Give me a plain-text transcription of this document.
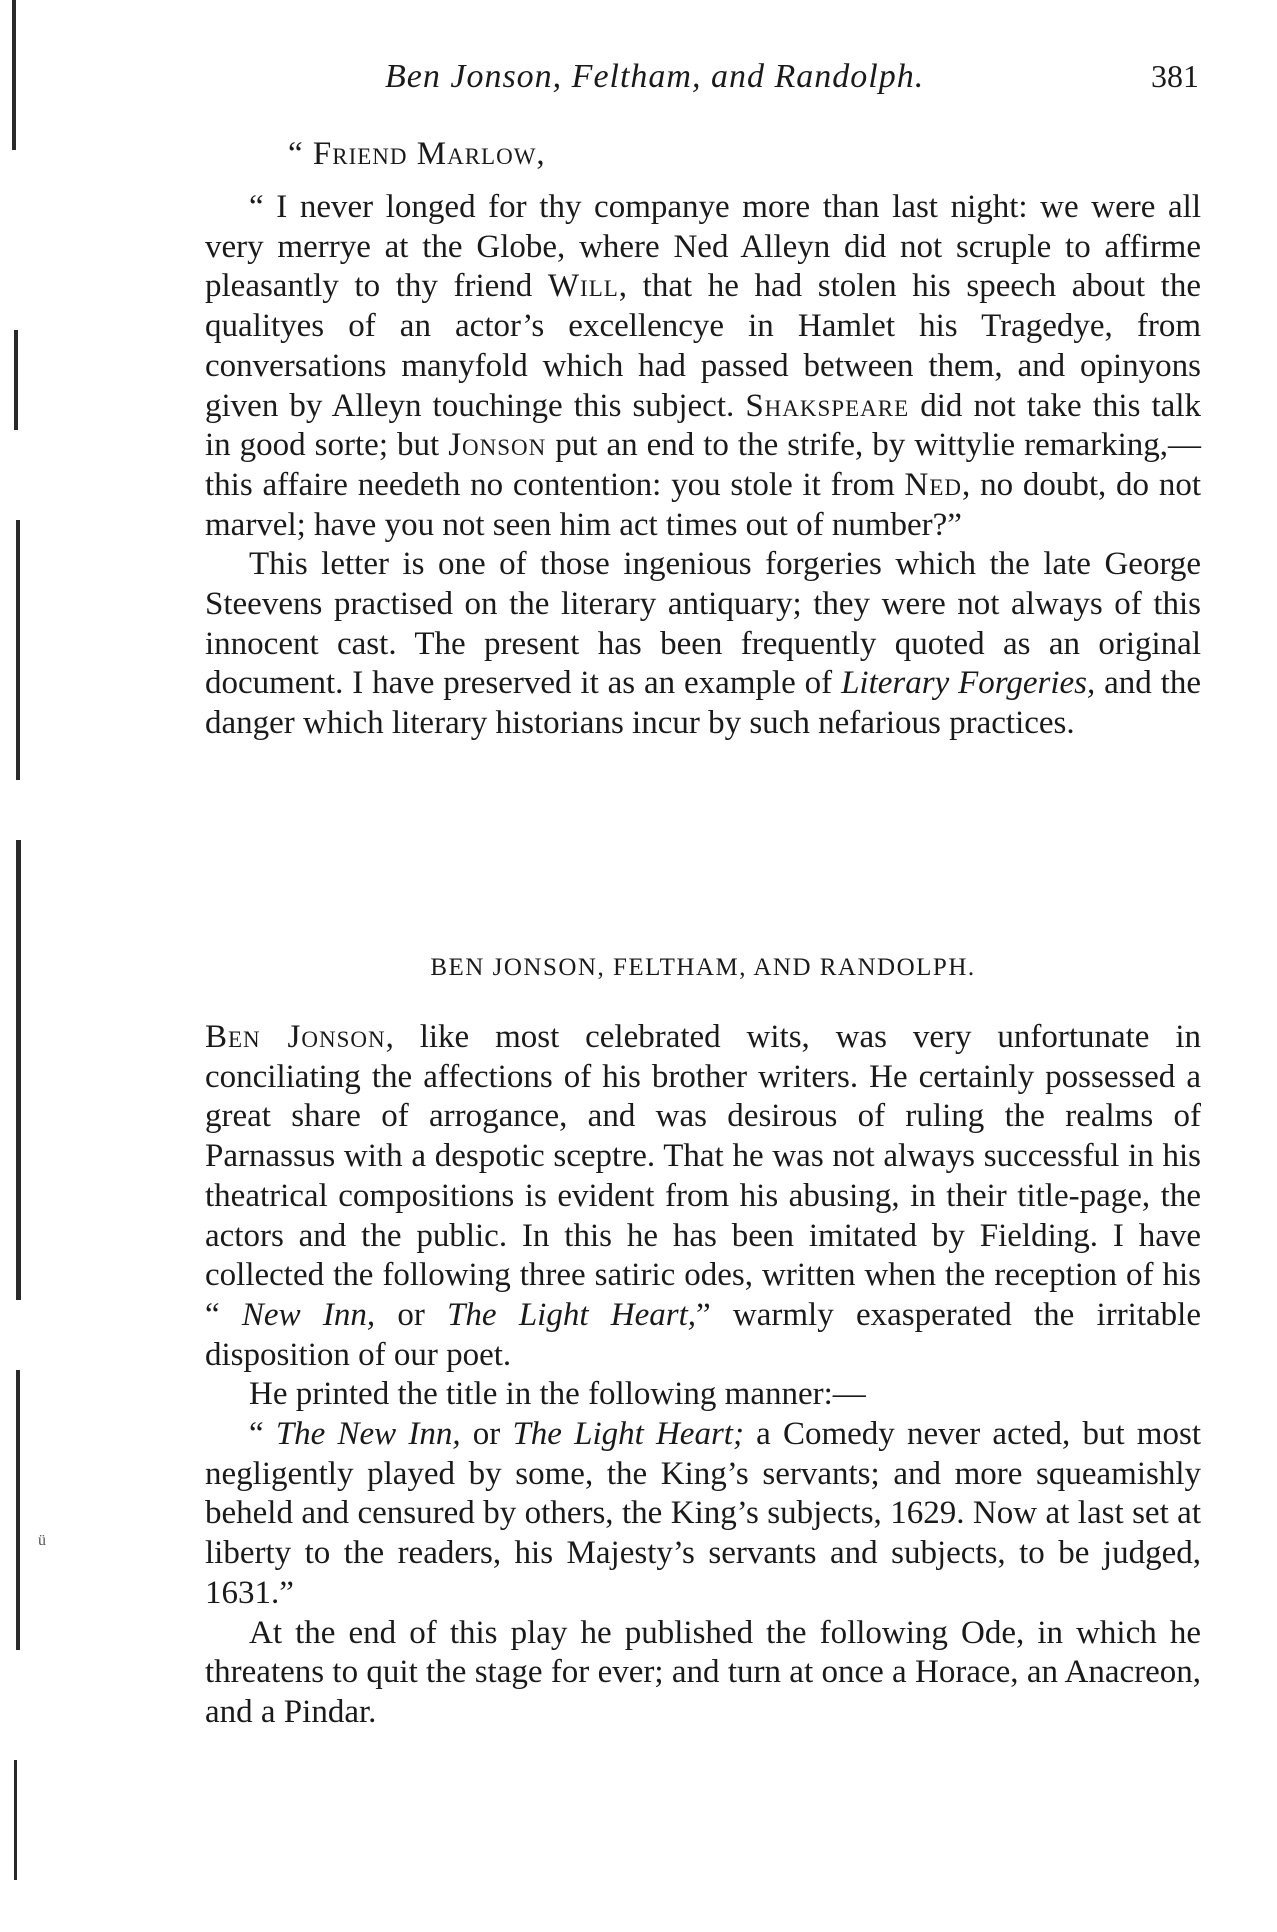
Ben Jonson, Feltham, and Randolph.	381
“ Friend Marlow,

“ I never longed for thy companye more than last night: we were all very merrye at the Globe, where Ned Alleyn did not scruple to affirme pleasantly to thy friend Will, that he had stolen his speech about the qualityes of an actor’s excellencye in Hamlet his Tragedye, from conversations manyfold which had passed between them, and opinyons given by Alleyn touchinge this subject. Shakspeare did not take this talk in good sorte; but Jonson put an end to the strife, by wittylie remarking,—this affaire needeth no contention: you stole it from Ned, no doubt, do not marvel; have you not seen him act times out of number?”

This letter is one of those ingenious forgeries which the late George Steevens practised on the literary antiquary; they were not always of this innocent cast. The present has been frequently quoted as an original document. I have preserved it as an example of Literary Forgeries, and the danger which literary historians incur by such nefarious practices.

BEN JONSON, FELTHAM, AND RANDOLPH.

Ben Jonson, like most celebrated wits, was very unfortunate in conciliating the affections of his brother writers. He certainly possessed a great share of arrogance, and was desirous of ruling the realms of Parnassus with a despotic sceptre. That he was not always successful in his theatrical compositions is evident from his abusing, in their title-page, the actors and the public. In this he has been imitated by Fielding. I have collected the following three satiric odes, written when the reception of his “ New Inn, or The Light Heart,” warmly exasperated the irritable disposition of our poet.

He printed the title in the following manner:—

“ The New Inn, or The Light Heart; a Comedy never acted, but most negligently played by some, the King’s servants; and more squeamishly beheld and censured by others, the King’s subjects, 1629. Now at last set at liberty to the readers, his Majesty’s servants and subjects, to be judged, 1631.”

At the end of this play he published the following Ode, in which he threatens to quit the stage for ever; and turn at once a Horace, an Anacreon, and a Pindar.

ü
